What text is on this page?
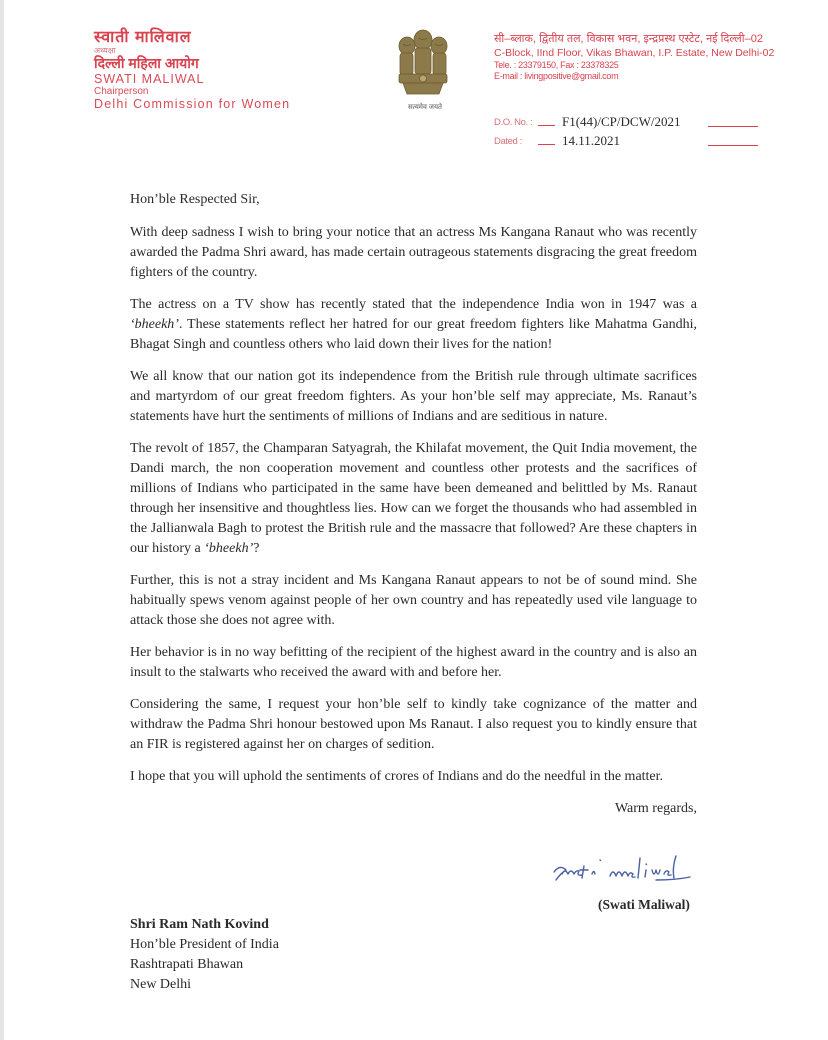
स्वाती मालिवाल
अध्यक्षा
दिल्ली महिला आयोग
SWATI MALIWAL
Chairperson
Delhi Commission for Women	सत्यमेव जयते
सी–ब्लाक, द्वितीय तल, विकास भवन, इन्द्रप्रस्थ एस्टेट, नई दिल्ली–02
C-Block, IInd Floor, Vikas Bhawan, I.P. Estate, New Delhi-02
Tele. : 23379150, Fax : 23378325
E-mail : livingpositive@gmail.com
D.O. No. : F1(44)/CP/DCW/2021
Dated :	14.11.2021

Hon’ble Respected Sir,

With deep sadness I wish to bring your notice that an actress Ms Kangana Ranaut who was recently awarded the Padma Shri award, has made certain outrageous statements disgracing the great freedom fighters of the country.

The actress on a TV show has recently stated that the independence India won in 1947 was a ‘bheekh’. These statements reflect her hatred for our great freedom fighters like Mahatma Gandhi, Bhagat Singh and countless others who laid down their lives for the nation!

We all know that our nation got its independence from the British rule through ultimate sacrifices and martyrdom of our great freedom fighters. As your hon’ble self may appreciate, Ms. Ranaut’s statements have hurt the sentiments of millions of Indians and are seditious in nature.

The revolt of 1857, the Champaran Satyagrah, the Khilafat movement, the Quit India movement, the Dandi march, the non cooperation movement and countless other protests and the sacrifices of millions of Indians who participated in the same have been demeaned and belittled by Ms. Ranaut through her insensitive and thoughtless lies. How can we forget the thousands who had assembled in the Jallianwala Bagh to protest the British rule and the massacre that followed? Are these chapters in our history a ‘bheekh’?

Further, this is not a stray incident and Ms Kangana Ranaut appears to not be of sound mind. She habitually spews venom against people of her own country and has repeatedly used vile language to attack those she does not agree with.

Her behavior is in no way befitting of the recipient of the highest award in the country and is also an insult to the stalwarts who received the award with and before her.

Considering the same, I request your hon’ble self to kindly take cognizance of the matter and withdraw the Padma Shri honour bestowed upon Ms Ranaut. I also request you to kindly ensure that an FIR is registered against her on charges of sedition.

I hope that you will uphold the sentiments of crores of Indians and do the needful in the matter.

Warm regards,

(Swati Maliwal)
Shri Ram Nath Kovind
Hon’ble President of India
Rashtrapati Bhawan
New Delhi
